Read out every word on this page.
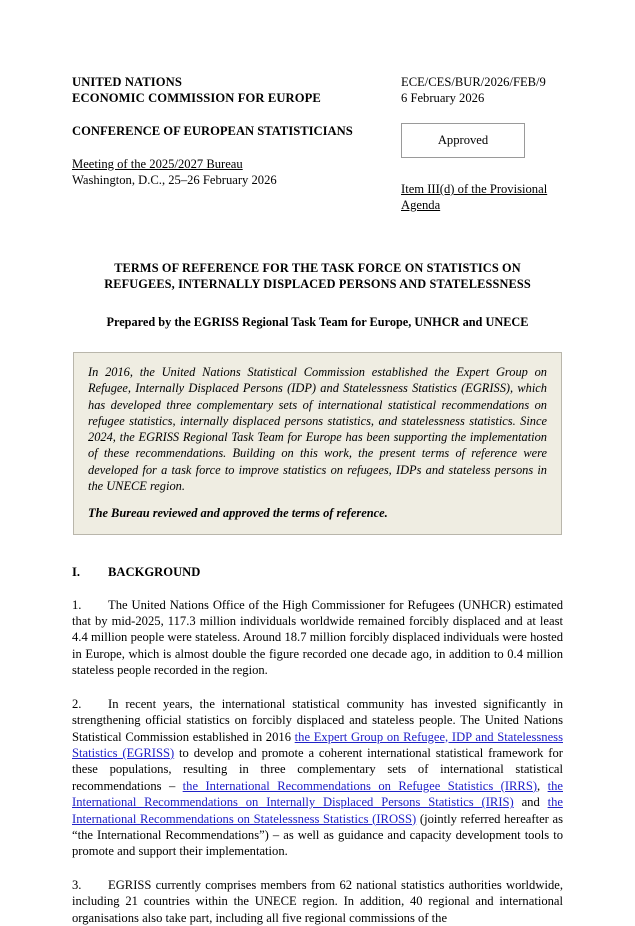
UNITED NATIONS
ECONOMIC COMMISSION FOR EUROPE
ECE/CES/BUR/2026/FEB/9
6 February 2026
CONFERENCE OF EUROPEAN STATISTICIANS
Meeting of the 2025/2027 Bureau
Washington, D.C., 25–26 February 2026
Approved
Item III(d) of the Provisional Agenda
TERMS OF REFERENCE FOR THE TASK FORCE ON STATISTICS ON REFUGEES, INTERNALLY DISPLACED PERSONS AND STATELESSNESS
Prepared by the EGRISS Regional Task Team for Europe, UNHCR and UNECE
In 2016, the United Nations Statistical Commission established the Expert Group on Refugee, Internally Displaced Persons (IDP) and Statelessness Statistics (EGRISS), which has developed three complementary sets of international statistical recommendations on refugee statistics, internally displaced persons statistics, and statelessness statistics. Since 2024, the EGRISS Regional Task Team for Europe has been supporting the implementation of these recommendations. Building on this work, the present terms of reference were developed for a task force to improve statistics on refugees, IDPs and stateless persons in the UNECE region.
The Bureau reviewed and approved the terms of reference.
I.	BACKGROUND
1. The United Nations Office of the High Commissioner for Refugees (UNHCR) estimated that by mid-2025, 117.3 million individuals worldwide remained forcibly displaced and at least 4.4 million people were stateless. Around 18.7 million forcibly displaced individuals were hosted in Europe, which is almost double the figure recorded one decade ago, in addition to 0.4 million stateless people recorded in the region.
2. In recent years, the international statistical community has invested significantly in strengthening official statistics on forcibly displaced and stateless people. The United Nations Statistical Commission established in 2016 the Expert Group on Refugee, IDP and Statelessness Statistics (EGRISS) to develop and promote a coherent international statistical framework for these populations, resulting in three complementary sets of international statistical recommendations – the International Recommendations on Refugee Statistics (IRRS), the International Recommendations on Internally Displaced Persons Statistics (IRIS) and the International Recommendations on Statelessness Statistics (IROSS) (jointly referred hereafter as “the International Recommendations”) – as well as guidance and capacity development tools to promote and support their implementation.
3. EGRISS currently comprises members from 62 national statistics authorities worldwide, including 21 countries within the UNECE region. In addition, 40 regional and international organisations also take part, including all five regional commissions of the
